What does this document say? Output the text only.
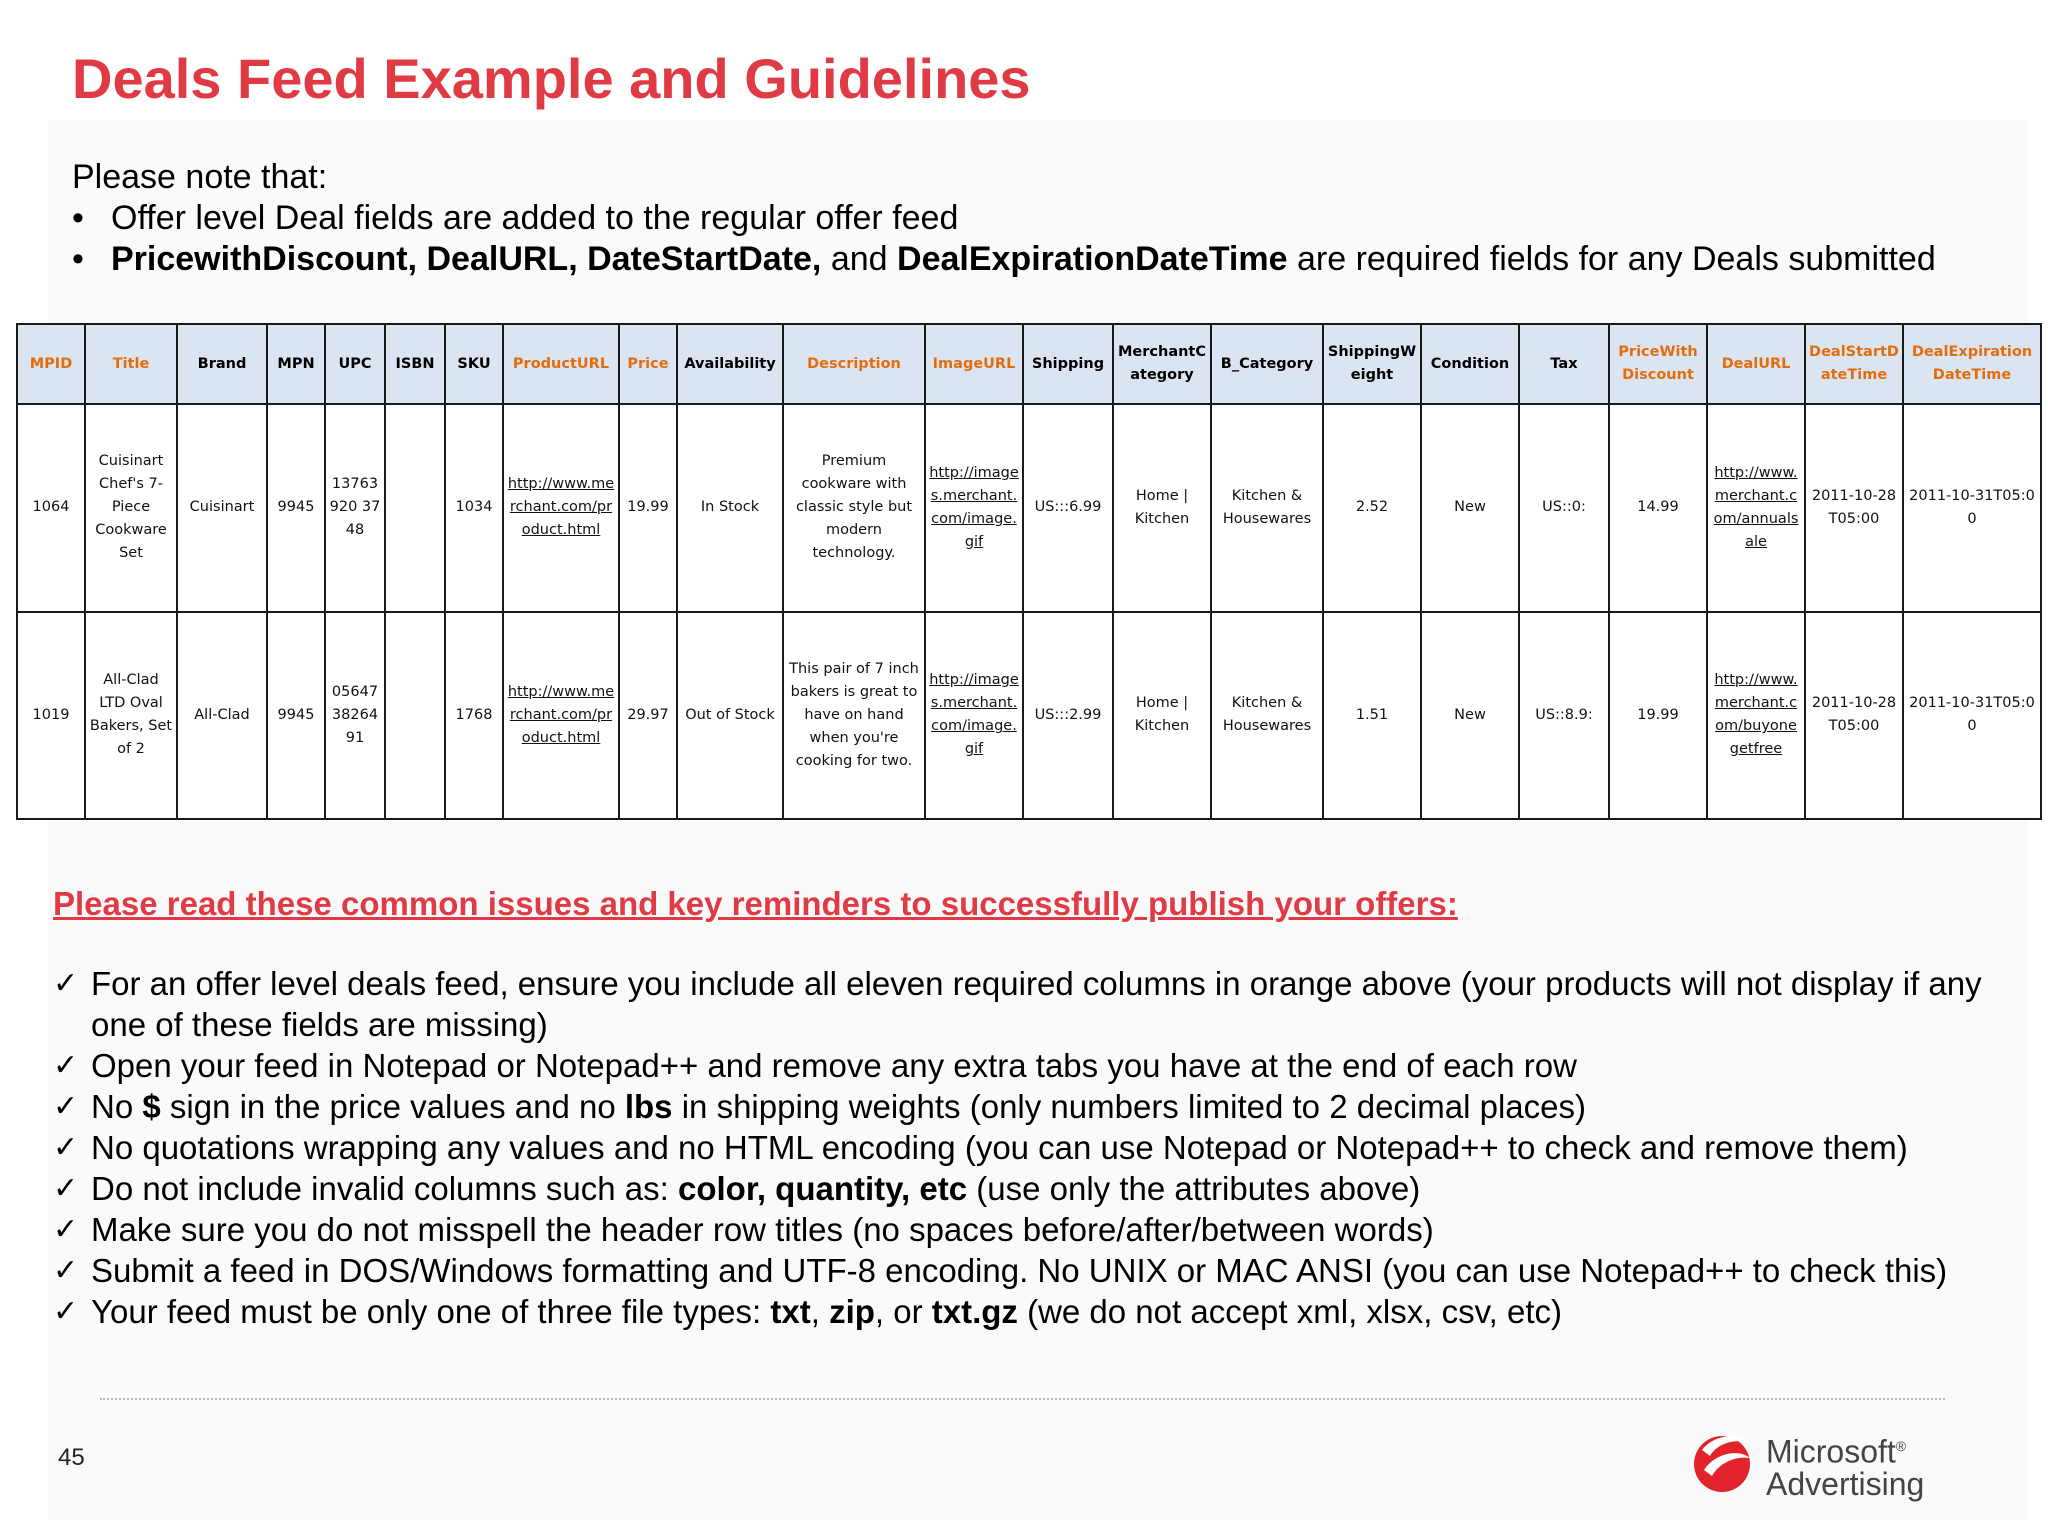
Deals Feed Example and Guidelines
Please note that:
• Offer level Deal fields are added to the regular offer feed
• PricewithDiscount, DealURL, DateStartDate, and DealExpirationDateTime are required fields for any Deals submitted
MPID	Title	Brand	MPN	UPC	ISBN	SKU	ProductURL	Price	Availability	Description	ImageURL	Shipping	MerchantCategory	B_Category	ShippingWeight	Condition	Tax	PriceWithDiscount	DealURL	DealStartDateTime	DealExpirationDateTime
1064	Cuisinart Chef's 7-Piece Cookware Set	Cuisinart	9945	13763920 3748		1034	http://www.merchant.com/product.html	19.99	In Stock	Premium cookware with classic style but modern technology.	http://images.merchant.com/image.gif	US:::6.99	Home | Kitchen	Kitchen & Housewares	2.52	New	US::0:	14.99	http://www.merchant.com/annualsale	2011-10-28T05:00	2011-10-31T05:00
1019	All-Clad LTD Oval Bakers, Set of 2	All-Clad	9945	0564738264 91		1768	http://www.merchant.com/product.html	29.97	Out of Stock	This pair of 7 inch bakers is great to have on hand when you're cooking for two.	http://images.merchant.com/image.gif	US:::2.99	Home | Kitchen	Kitchen & Housewares	1.51	New	US::8.9:	19.99	http://www.merchant.com/buyonegetfree	2011-10-28T05:00	2011-10-31T05:00
Please read these common issues and key reminders to successfully publish your offers:
✓ For an offer level deals feed, ensure you include all eleven required columns in orange above (your products will not display if any one of these fields are missing)
✓ Open your feed in Notepad or Notepad++ and remove any extra tabs you have at the end of each row
✓ No $ sign in the price values and no lbs in shipping weights (only numbers limited to 2 decimal places)
✓ No quotations wrapping any values and no HTML encoding (you can use Notepad or Notepad++ to check and remove them)
✓ Do not include invalid columns such as: color, quantity, etc (use only the attributes above)
✓ Make sure you do not misspell the header row titles (no spaces before/after/between words)
✓ Submit a feed in DOS/Windows formatting and UTF-8 encoding. No UNIX or MAC ANSI (you can use Notepad++ to check this)
✓ Your feed must be only one of three file types: txt, zip, or txt.gz (we do not accept xml, xlsx, csv, etc)
45	Microsoft®
Advertising
